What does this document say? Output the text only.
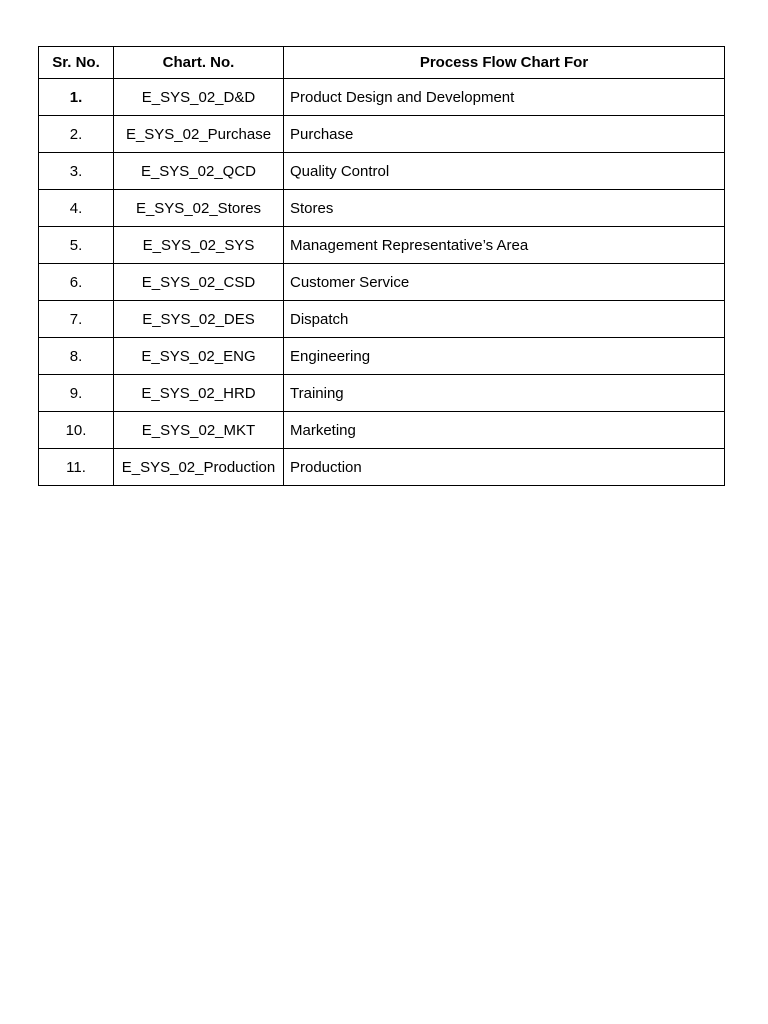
Sr. No.	Chart. No.	Process Flow Chart For
1.	E_SYS_02_D&D	Product Design and Development
2.	E_SYS_02_Purchase	Purchase
3.	E_SYS_02_QCD	Quality Control
4.	E_SYS_02_Stores	Stores
5.	E_SYS_02_SYS	Management Representative’s Area
6.	E_SYS_02_CSD	Customer Service
7.	E_SYS_02_DES	Dispatch
8.	E_SYS_02_ENG	Engineering
9.	E_SYS_02_HRD	Training
10.	E_SYS_02_MKT	Marketing
11.	E_SYS_02_Production	Production
